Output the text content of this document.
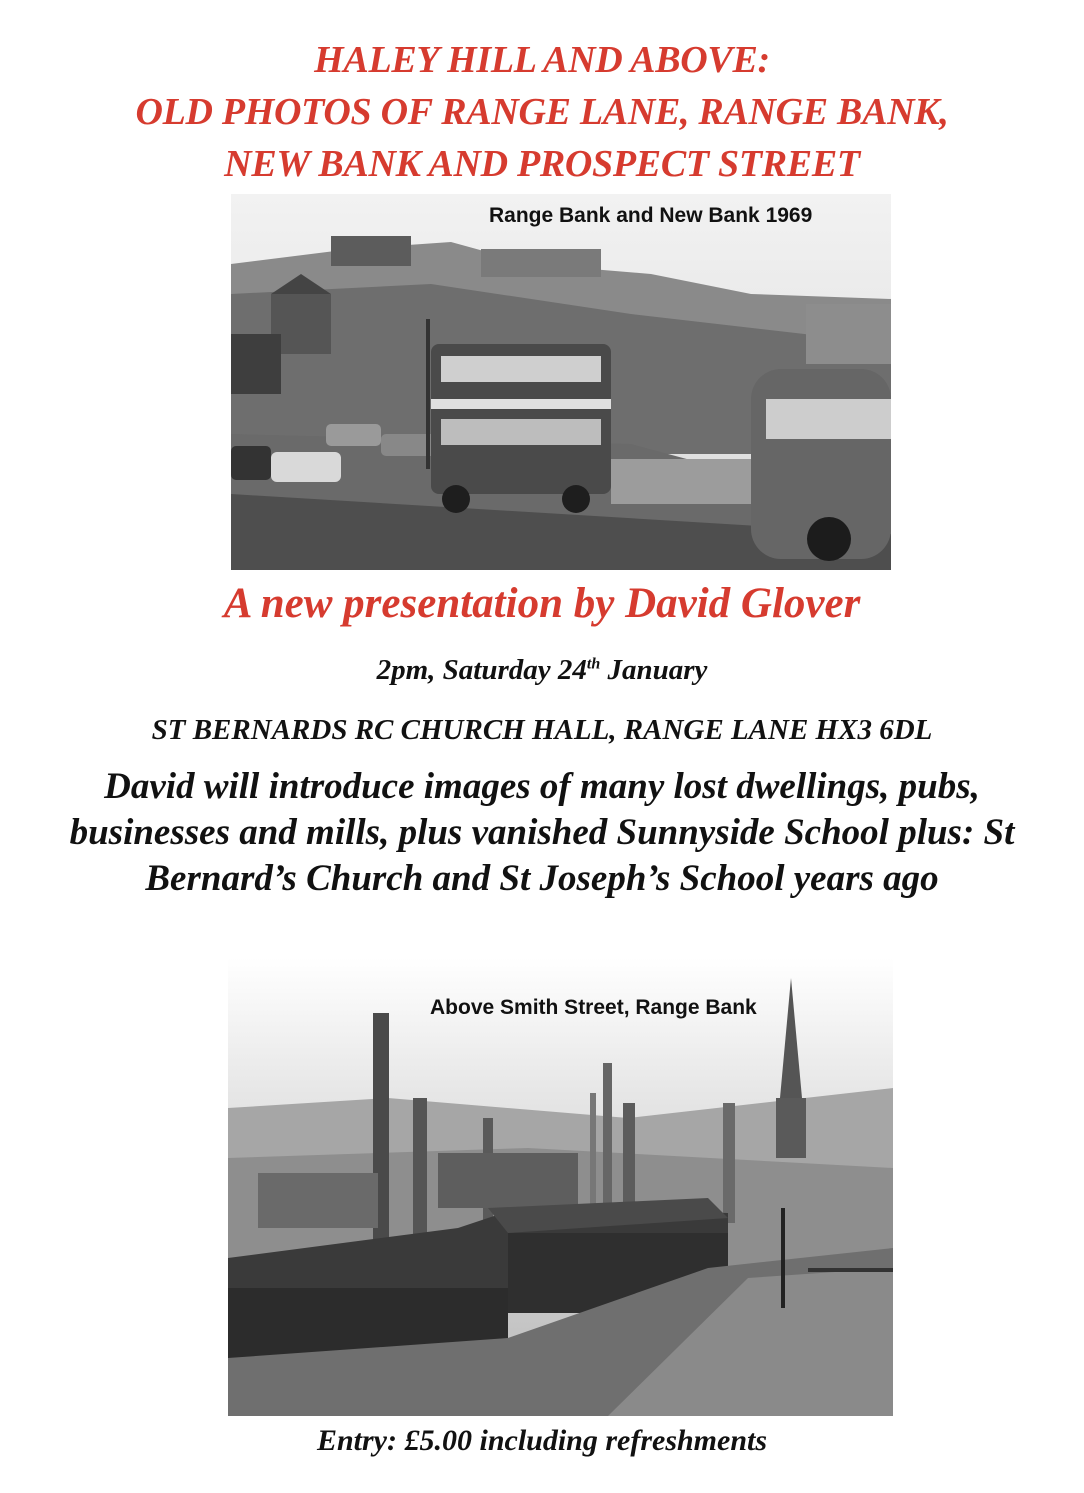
HALEY HILL AND ABOVE:
OLD PHOTOS OF RANGE LANE, RANGE BANK,
NEW BANK AND PROSPECT STREET
Range Bank and New Bank 1969
A new presentation by David Glover

2pm, Saturday 24th January

ST BERNARDS RC CHURCH HALL, RANGE LANE HX3 6DL

David will introduce images of many lost dwellings, pubs, businesses and mills, plus vanished Sunnyside School plus: St Bernard’s Church and St Joseph’s School years ago

Above Smith Street, Range Bank

Entry: £5.00 including refreshments
